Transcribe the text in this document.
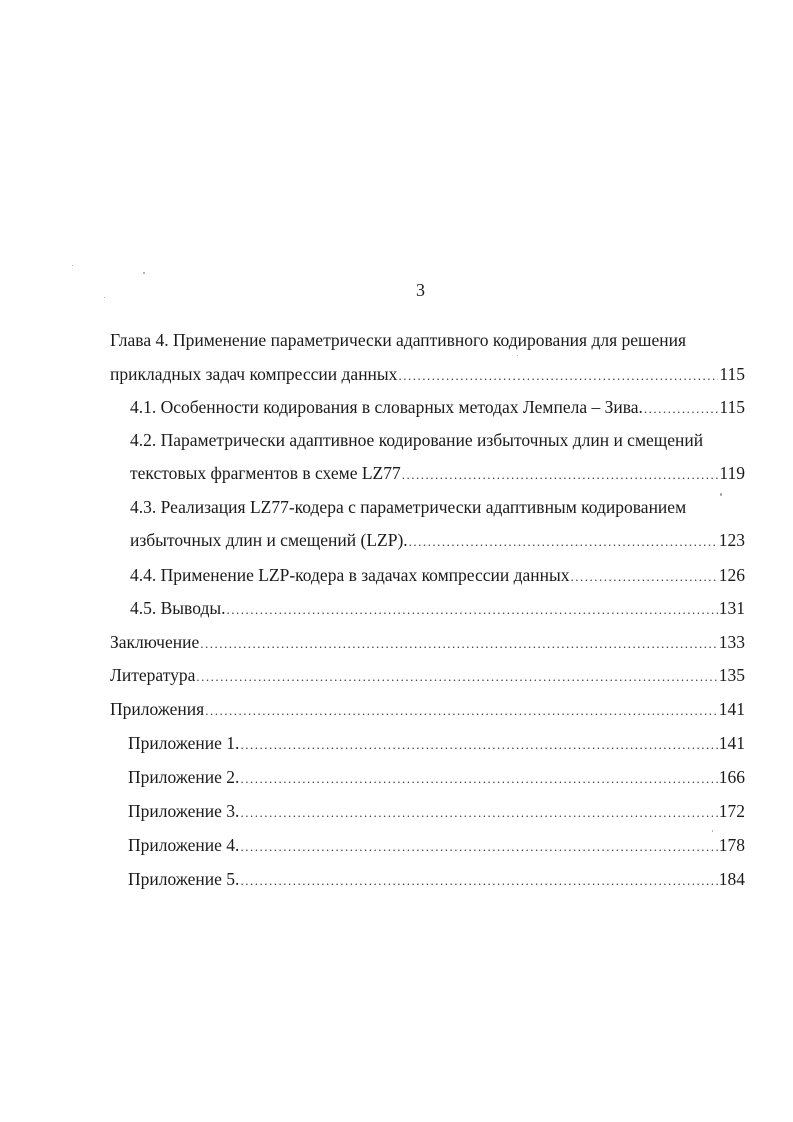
3
Глава 4. Применение параметрически адаптивного кодирования для решения
прикладных задач компрессии данных .....	115
4.1. Особенности кодирования в словарных методах Лемпела – Зива. .....	115
4.2. Параметрически адаптивное кодирование избыточных длин и смещений
текстовых фрагментов в схеме LZ77 .....	119
4.3. Реализация LZ77-кодера с параметрически адаптивным кодированием
избыточных длин и смещений (LZP). .....	123
4.4. Применение LZP-кодера в задачах компрессии данных .....	126
4.5. Выводы. .....	131
Заключение .....	133
Литература .....	135
Приложения .....	141
Приложение 1. .....	141
Приложение 2. .....	166
Приложение 3. .....	172
Приложение 4. .....	178
Приложение 5. .....	184
